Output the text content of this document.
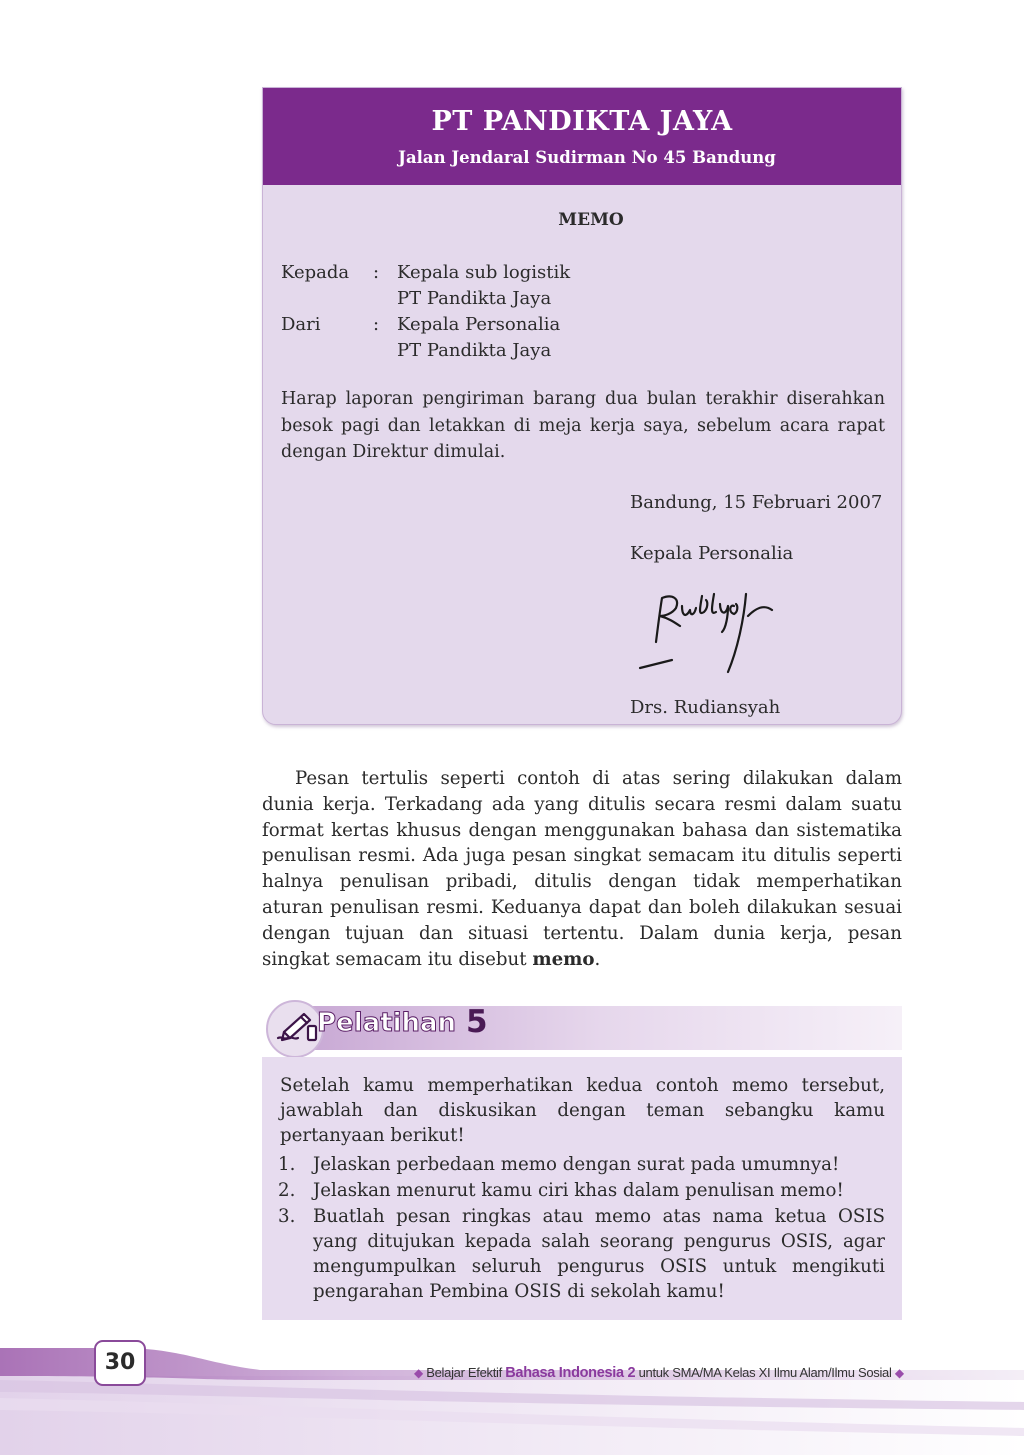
PT PANDIKTA JAYA
Jalan Jendaral Sudirman No 45 Bandung
MEMO
Kepada : Kepala sub logistik
PT Pandikta Jaya
Dari	: Kepala Personalia
PT Pandikta Jaya
Harap laporan pengiriman barang dua bulan terakhir diserahkan besok pagi dan letakkan di meja kerja saya, sebelum acara rapat dengan Direktur dimulai.
Bandung, 15 Februari 2007
Kepala Personalia
Drs. Rudiansyah

Pesan tertulis seperti contoh di atas sering dilakukan dalam dunia kerja. Terkadang ada yang ditulis secara resmi dalam suatu format kertas khusus dengan menggunakan bahasa dan sistematika penulisan resmi. Ada juga pesan singkat semacam itu ditulis seperti halnya penulisan pribadi, ditulis dengan tidak memperhatikan aturan penulisan resmi. Keduanya dapat dan boleh dilakukan sesuai dengan tujuan dan situasi tertentu. Dalam dunia kerja, pesan singkat semacam itu disebut memo.

Pelatihan 5
Setelah kamu memperhatikan kedua contoh memo tersebut, jawablah dan diskusikan dengan teman sebangku kamu pertanyaan berikut!
1. Jelaskan perbedaan memo dengan surat pada umumnya!
2. Jelaskan menurut kamu ciri khas dalam penulisan memo!
3. Buatlah pesan ringkas atau memo atas nama ketua OSIS yang ditujukan kepada salah seorang pengurus OSIS, agar mengumpulkan seluruh pengurus OSIS untuk mengikuti pengarahan Pembina OSIS di sekolah kamu!
30	◆ Belajar Efektif Bahasa Indonesia 2 untuk SMA/MA Kelas XI Ilmu Alam/Ilmu Sosial ◆
